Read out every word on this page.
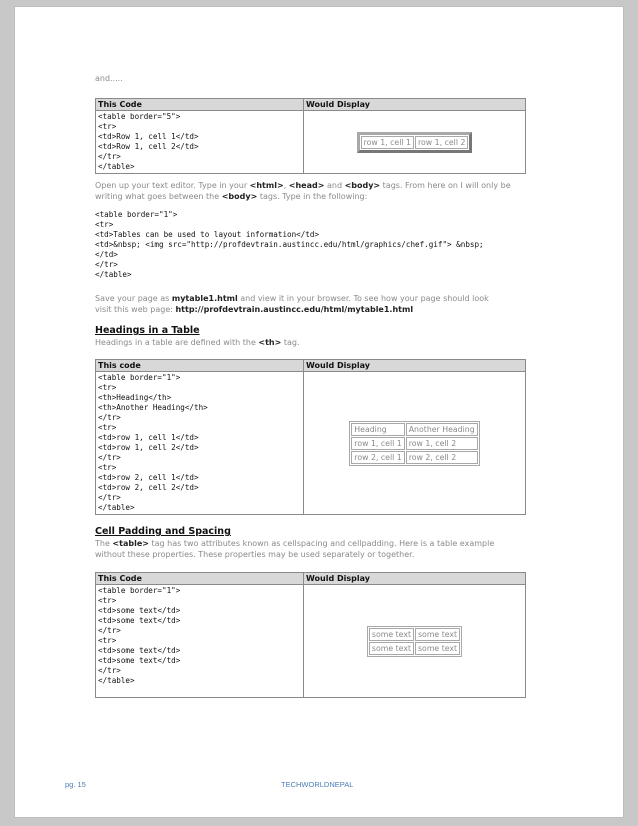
and.....
This Code	Would Display
<table border="5">
<tr>
<td>Row 1, cell 1</td>
<td>Row 1, cell 2</td>
</tr>
</table>
row 1, cell 1	row 1, cell 2
Open up your text editor. Type in your <html>, <head> and <body> tags. From here on I will only be
writing what goes between the <body> tags. Type in the following:
<table border="1">
<tr>
<td>Tables can be used to layout information</td>
<td>&nbsp; <img src="http://profdevtrain.austincc.edu/html/graphics/chef.gif"> &nbsp;
</td>
</tr>
</table>
Save your page as mytable1.html and view it in your browser. To see how your page should look
visit this web page: http://profdevtrain.austincc.edu/html/mytable1.html
Headings in a Table
Headings in a table are defined with the <th> tag.
This code	Would Display
<table border="1">
<tr>
<th>Heading</th>
<th>Another Heading</th>
</tr>
<tr>
<td>row 1, cell 1</td>
<td>row 1, cell 2</td>
</tr>
<tr>
<td>row 2, cell 1</td>
<td>row 2, cell 2</td>
</tr>
</table>
Heading	Another Heading
row 1, cell 1	row 1, cell 2
row 2, cell 1	row 2, cell 2
Cell Padding and Spacing
The <table> tag has two attributes known as cellspacing and cellpadding. Here is a table example
without these properties. These properties may be used separately or together.
This Code	Would Display
<table border="1">
<tr>
<td>some text</td>
<td>some text</td>
</tr>
<tr>
<td>some text</td>
<td>some text</td>
</tr>
</table>
some text	some text
some text	some text
pg. 15	TECHWORLDNEPAL
